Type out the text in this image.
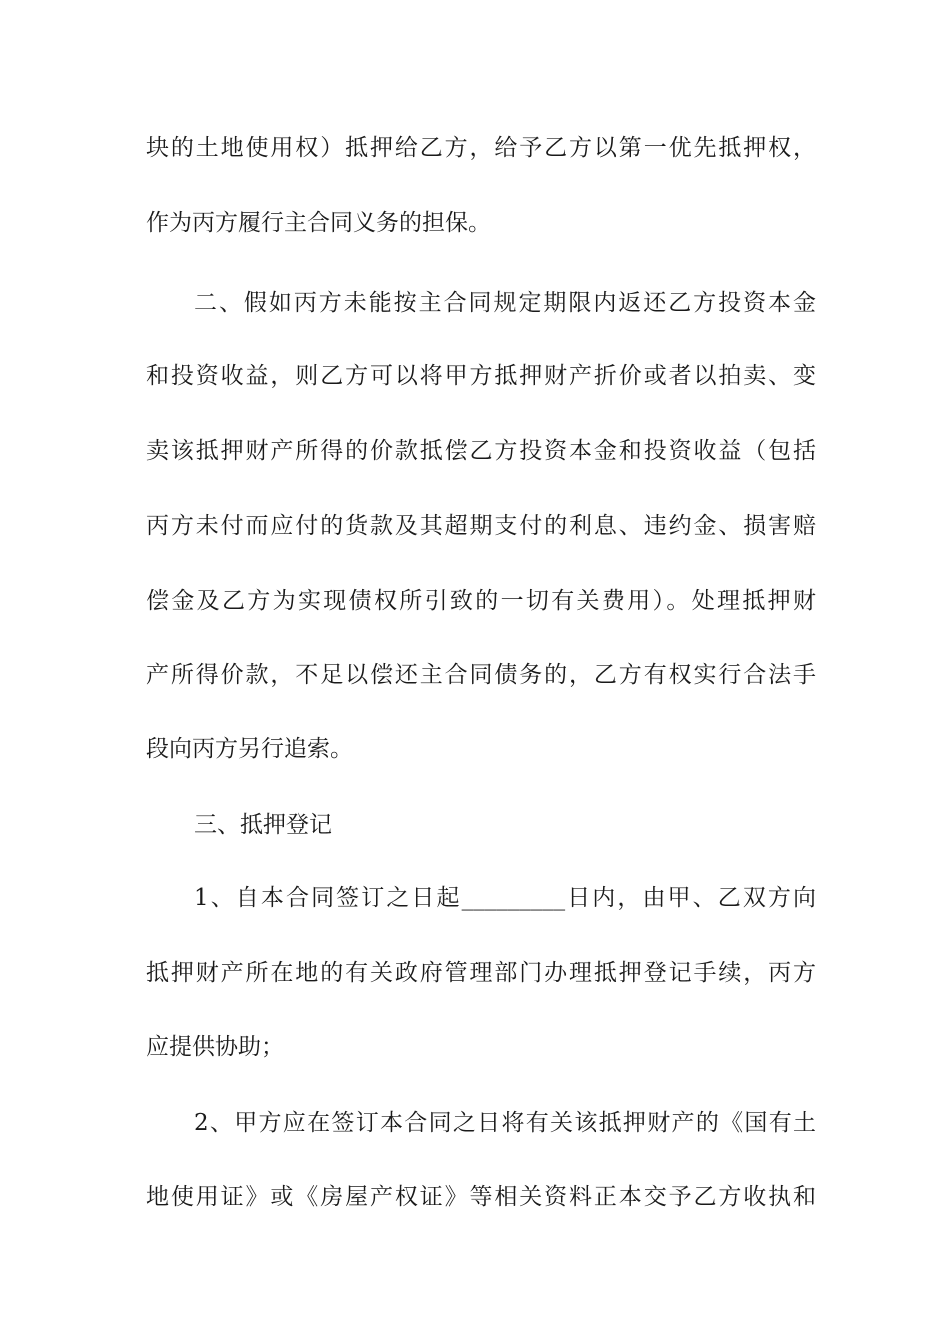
块的土地使用权）抵押给乙方，给予乙方以第一优先抵押权，
作为丙方履行主合同义务的担保。
二、假如丙方未能按主合同规定期限内返还乙方投资本金
和投资收益，则乙方可以将甲方抵押财产折价或者以拍卖、变
卖该抵押财产所得的价款抵偿乙方投资本金和投资收益（包括
丙方未付而应付的货款及其超期支付的利息、违约金、损害赔
偿金及乙方为实现债权所引致的一切有关费用）。处理抵押财
产所得价款，不足以偿还主合同债务的，乙方有权实行合法手
段向丙方另行追索。
三、抵押登记
1、自本合同签订之日起_________日内，由甲、乙双方向
抵押财产所在地的有关政府管理部门办理抵押登记手续，丙方
应提供协助；
2、甲方应在签订本合同之日将有关该抵押财产的《国有土
地使用证》或《房屋产权证》等相关资料正本交予乙方收执和
